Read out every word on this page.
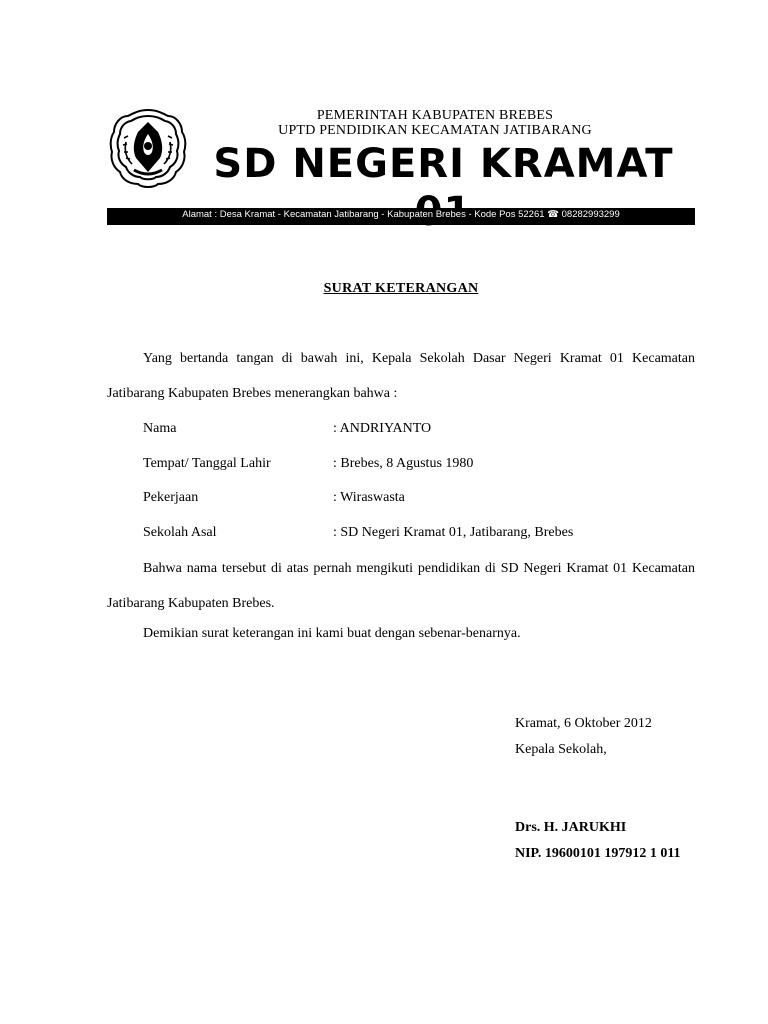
PEMERINTAH KABUPATEN BREBES
UPTD PENDIDIKAN KECAMATAN JATIBARANG
SD NEGERI KRAMAT
Alamat : Desa Kramat - Kecamatan Jatibarang - Kabupaten Brebes - Kode Pos 52261 ☎ 08282993299
SURAT KETERANGAN
Yang bertanda tangan di bawah ini, Kepala Sekolah Dasar Negeri Kramat 01 Kecamatan Jatibarang Kabupaten Brebes menerangkan bahwa :
Nama	: ANDRIYANTO
Tempat/ Tanggal Lahir	: Brebes, 8 Agustus 1980
Pekerjaan	: Wiraswasta
Sekolah Asal	: SD Negeri Kramat 01, Jatibarang, Brebes
Bahwa nama tersebut di atas pernah mengikuti pendidikan di SD Negeri Kramat 01 Kecamatan Jatibarang Kabupaten Brebes.
Demikian surat keterangan ini kami buat dengan sebenar-benarnya.
Kramat, 6 Oktober 2012
Kepala Sekolah,
Drs. H. JARUKHI
NIP. 19600101 197912 1 011
